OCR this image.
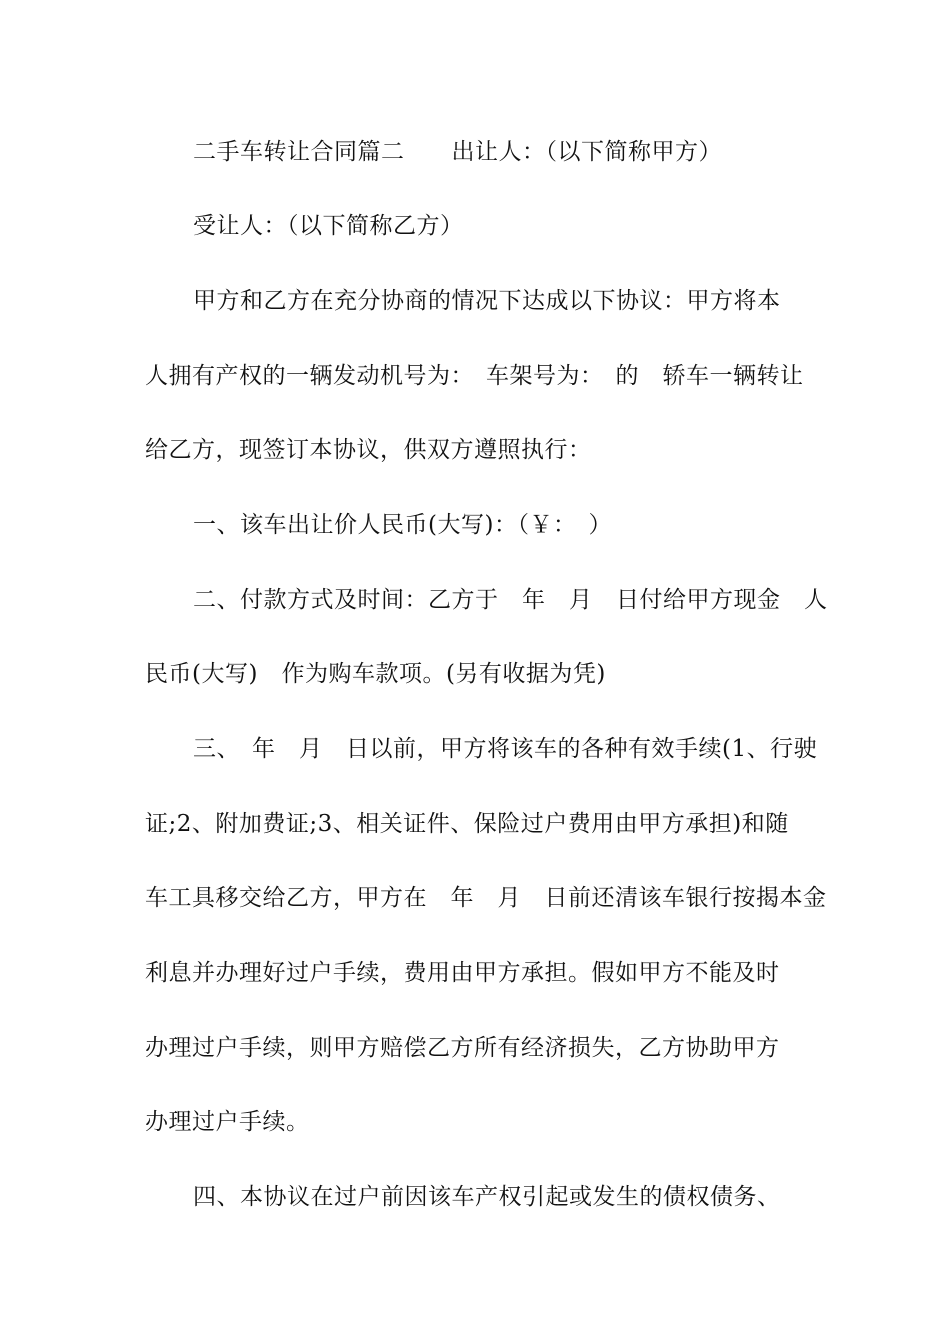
二手车转让合同篇二　　出让人：（以下简称甲方）
受让人：（以下简称乙方）
甲方和乙方在充分协商的情况下达成以下协议：甲方将本
人拥有产权的一辆发动机号为：　车架号为：　的　轿车一辆转让
给乙方，现签订本协议，供双方遵照执行：
一、该车出让价人民币(大写)：（￥：　）
二、付款方式及时间：乙方于　年　月　日付给甲方现金　人
民币(大写)　作为购车款项。(另有收据为凭)
三、　年　月　日以前，甲方将该车的各种有效手续(1、行驶
证;2、附加费证;3、相关证件、保险过户费用由甲方承担)和随
车工具移交给乙方，甲方在　年　月　日前还清该车银行按揭本金
利息并办理好过户手续，费用由甲方承担。假如甲方不能及时
办理过户手续，则甲方赔偿乙方所有经济损失，乙方协助甲方
办理过户手续。
四、本协议在过户前因该车产权引起或发生的债权债务、
